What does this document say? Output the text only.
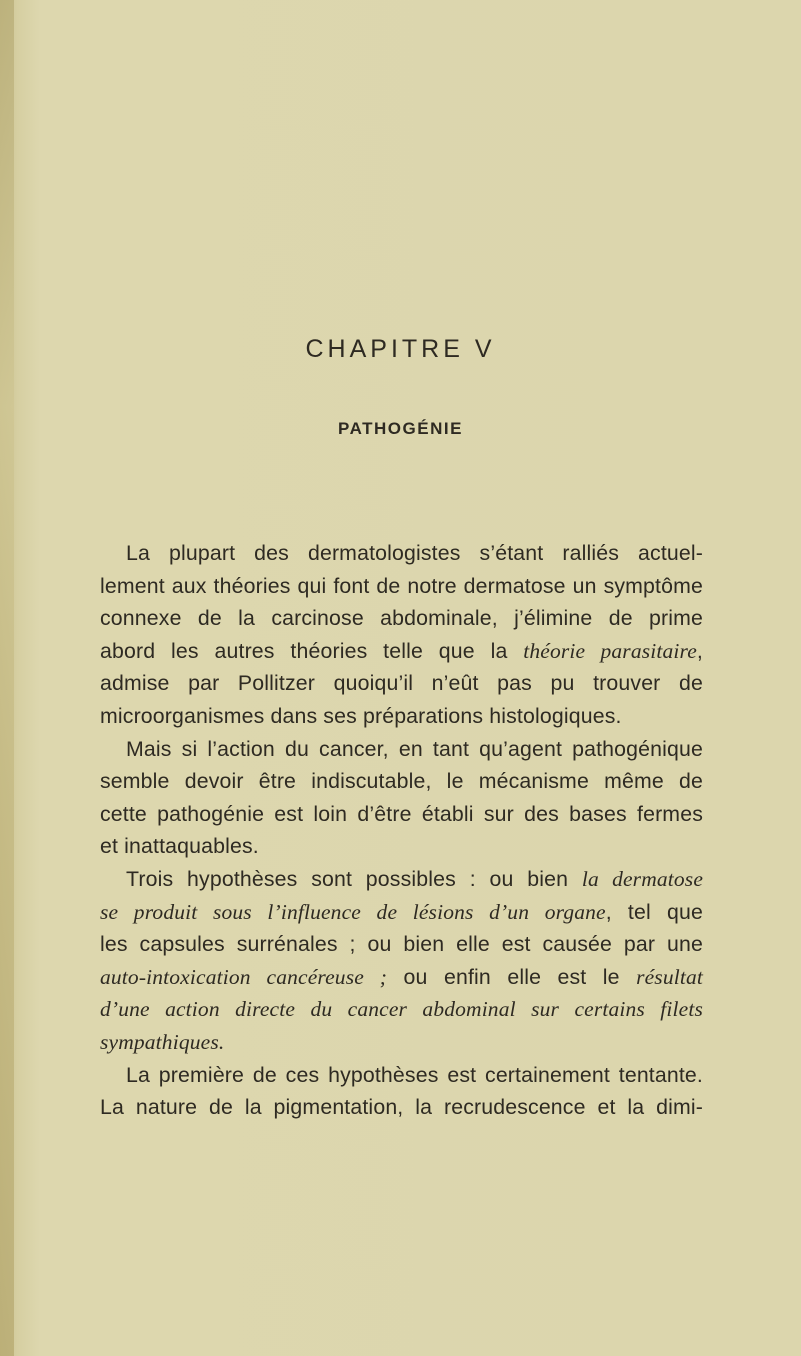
CHAPITRE V
PATHOGÉNIE
La plupart des dermatologistes s’étant ralliés actuel-
lement aux théories qui font de notre dermatose un symptôme
connexe de la carcinose abdominale, j’élimine de prime
abord les autres théories telle que la théorie parasitaire,
admise par Pollitzer quoiqu’il n’eût pas pu trouver de
microorganismes dans ses préparations histologiques.
Mais si l’action du cancer, en tant qu’agent pathogénique
semble devoir être indiscutable, le mécanisme même de
cette pathogénie est loin d’être établi sur des bases fermes
et inattaquables.
Trois hypothèses sont possibles : ou bien la dermatose
se produit sous l’influence de lésions d’un organe, tel que
les capsules surrénales ; ou bien elle est causée par une
auto-intoxication cancéreuse ; ou enfin elle est le résultat
d’une action directe du cancer abdominal sur certains filets
sympathiques.
La première de ces hypothèses est certainement tentante.
La nature de la pigmentation, la recrudescence et la dimi-
